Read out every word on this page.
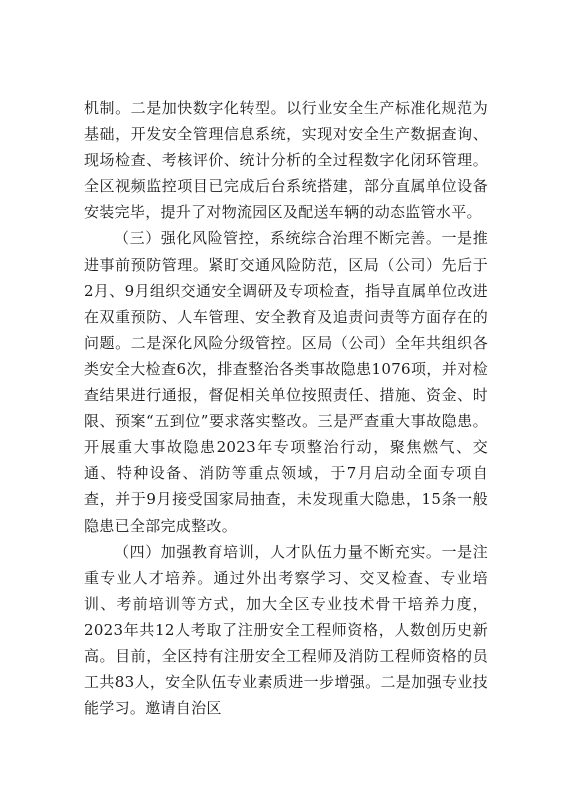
机制。二是加快数字化转型。以行业安全生产标准化规范为基础，开发安全管理信息系统，实现对安全生产数据查询、现场检查、考核评价、统计分析的全过程数字化闭环管理。全区视频监控项目已完成后台系统搭建，部分直属单位设备安装完毕，提升了对物流园区及配送车辆的动态监管水平。

（三）强化风险管控，系统综合治理不断完善。一是推进事前预防管理。紧盯交通风险防范，区局（公司）先后于2月、9月组织交通安全调研及专项检查，指导直属单位改进在双重预防、人车管理、安全教育及追责问责等方面存在的问题。二是深化风险分级管控。区局（公司）全年共组织各类安全大检查6次，排查整治各类事故隐患1076项，并对检查结果进行通报，督促相关单位按照责任、措施、资金、时限、预案“五到位”要求落实整改。三是严查重大事故隐患。开展重大事故隐患2023年专项整治行动，聚焦燃气、交通、特种设备、消防等重点领域，于7月启动全面专项自查，并于9月接受国家局抽查，未发现重大隐患，15条一般隐患已全部完成整改。

（四）加强教育培训，人才队伍力量不断充实。一是注重专业人才培养。通过外出考察学习、交叉检查、专业培训、考前培训等方式，加大全区专业技术骨干培养力度，2023年共12人考取了注册安全工程师资格，人数创历史新高。目前，全区持有注册安全工程师及消防工程师资格的员工共83人，安全队伍专业素质进一步增强。二是加强专业技能学习。邀请自治区
